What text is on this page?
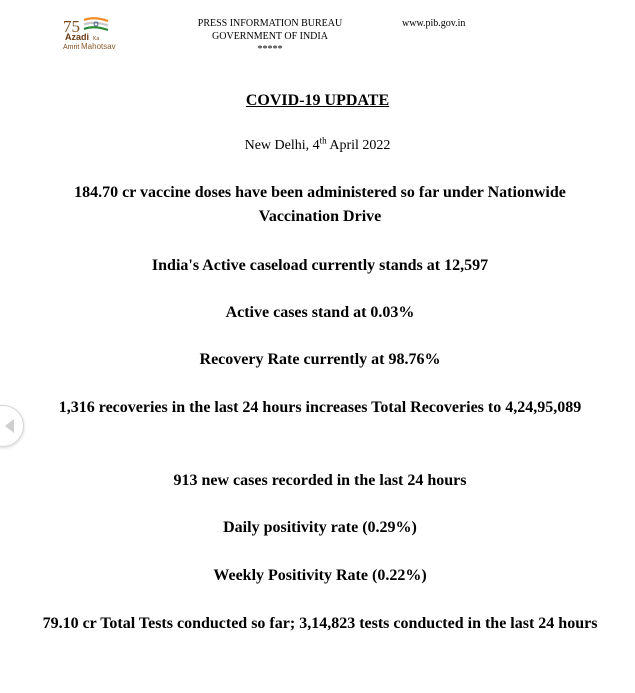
75
Azadi Ka
Amrit Mahotsav
PRESS INFORMATION BUREAU
GOVERNMENT OF INDIA
*****
www.pib.gov.in
COVID-19 UPDATE
New Delhi, 4th April 2022

184.70 cr vaccine doses have been administered so far under Nationwide Vaccination Drive

India's Active caseload currently stands at 12,597

Active cases stand at 0.03%

Recovery Rate currently at 98.76%

1,316 recoveries in the last 24 hours increases Total Recoveries to 4,24,95,089

913 new cases recorded in the last 24 hours

Daily positivity rate (0.29%)

Weekly Positivity Rate (0.22%)

79.10 cr Total Tests conducted so far; 3,14,823 tests conducted in the last 24 hours
